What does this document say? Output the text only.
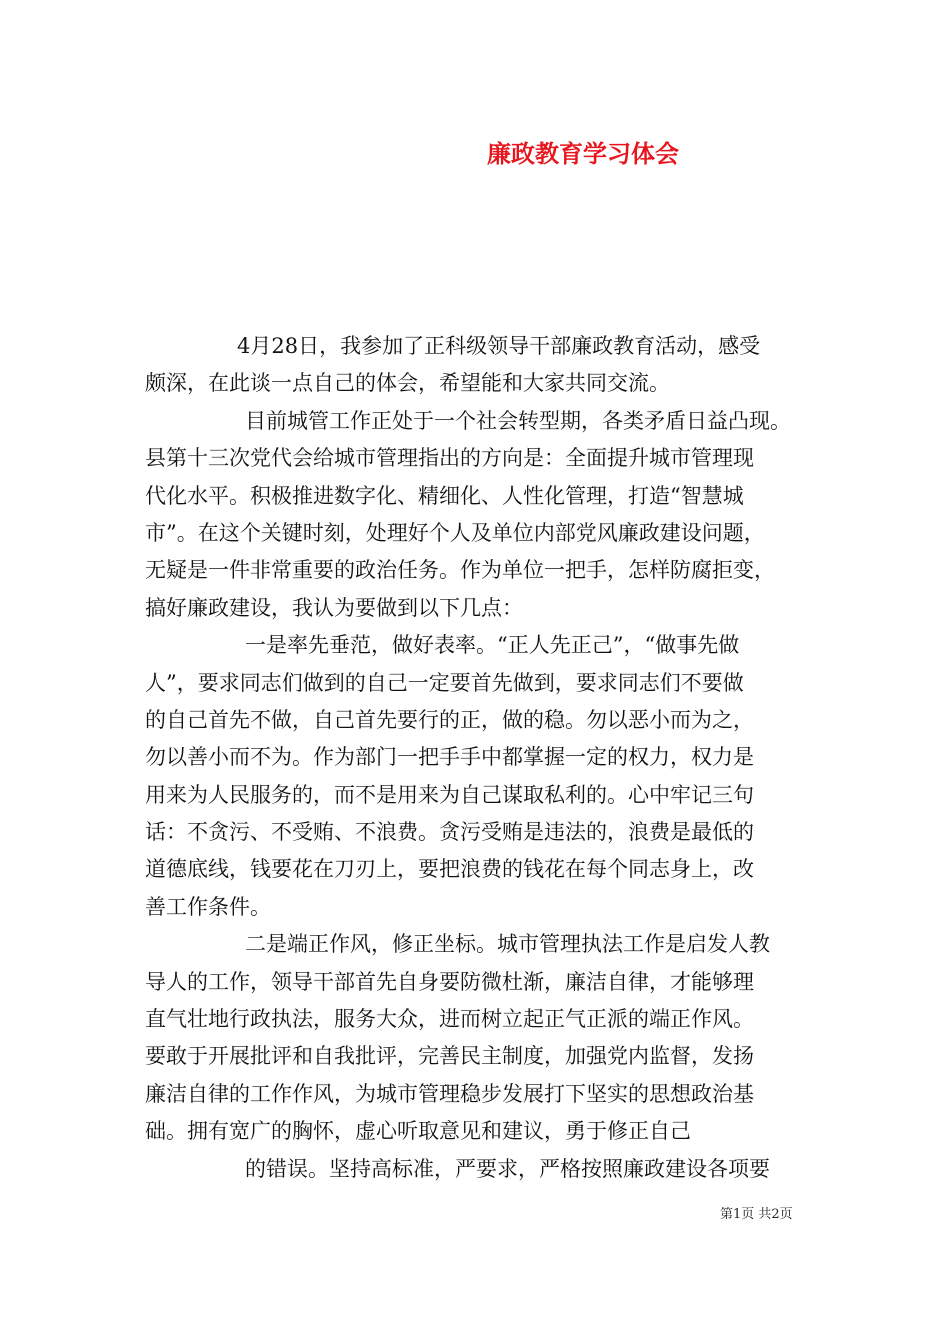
廉政教育学习体会
4月28日，我参加了正科级领导干部廉政教育活动，感受
颇深，在此谈一点自己的体会，希望能和大家共同交流。
目前城管工作正处于一个社会转型期，各类矛盾日益凸现。
县第十三次党代会给城市管理指出的方向是：全面提升城市管理现
代化水平。积极推进数字化、精细化、人性化管理，打造“智慧城
市”。在这个关键时刻，处理好个人及单位内部党风廉政建设问题，
无疑是一件非常重要的政治任务。作为单位一把手，怎样防腐拒变，
搞好廉政建设，我认为要做到以下几点：
一是率先垂范，做好表率。“正人先正己”，“做事先做
人”，要求同志们做到的自己一定要首先做到，要求同志们不要做
的自己首先不做，自己首先要行的正，做的稳。勿以恶小而为之，
勿以善小而不为。作为部门一把手手中都掌握一定的权力，权力是
用来为人民服务的，而不是用来为自己谋取私利的。心中牢记三句
话：不贪污、不受贿、不浪费。贪污受贿是违法的，浪费是最低的
道德底线，钱要花在刀刃上，要把浪费的钱花在每个同志身上，改
善工作条件。
二是端正作风，修正坐标。城市管理执法工作是启发人教
导人的工作，领导干部首先自身要防微杜渐，廉洁自律，才能够理
直气壮地行政执法，服务大众，进而树立起正气正派的端正作风。
要敢于开展批评和自我批评，完善民主制度，加强党内监督，发扬
廉洁自律的工作作风，为城市管理稳步发展打下坚实的思想政治基
础。拥有宽广的胸怀，虚心听取意见和建议，勇于修正自己
的错误。坚持高标准，严要求，严格按照廉政建设各项要
第1页 共2页
